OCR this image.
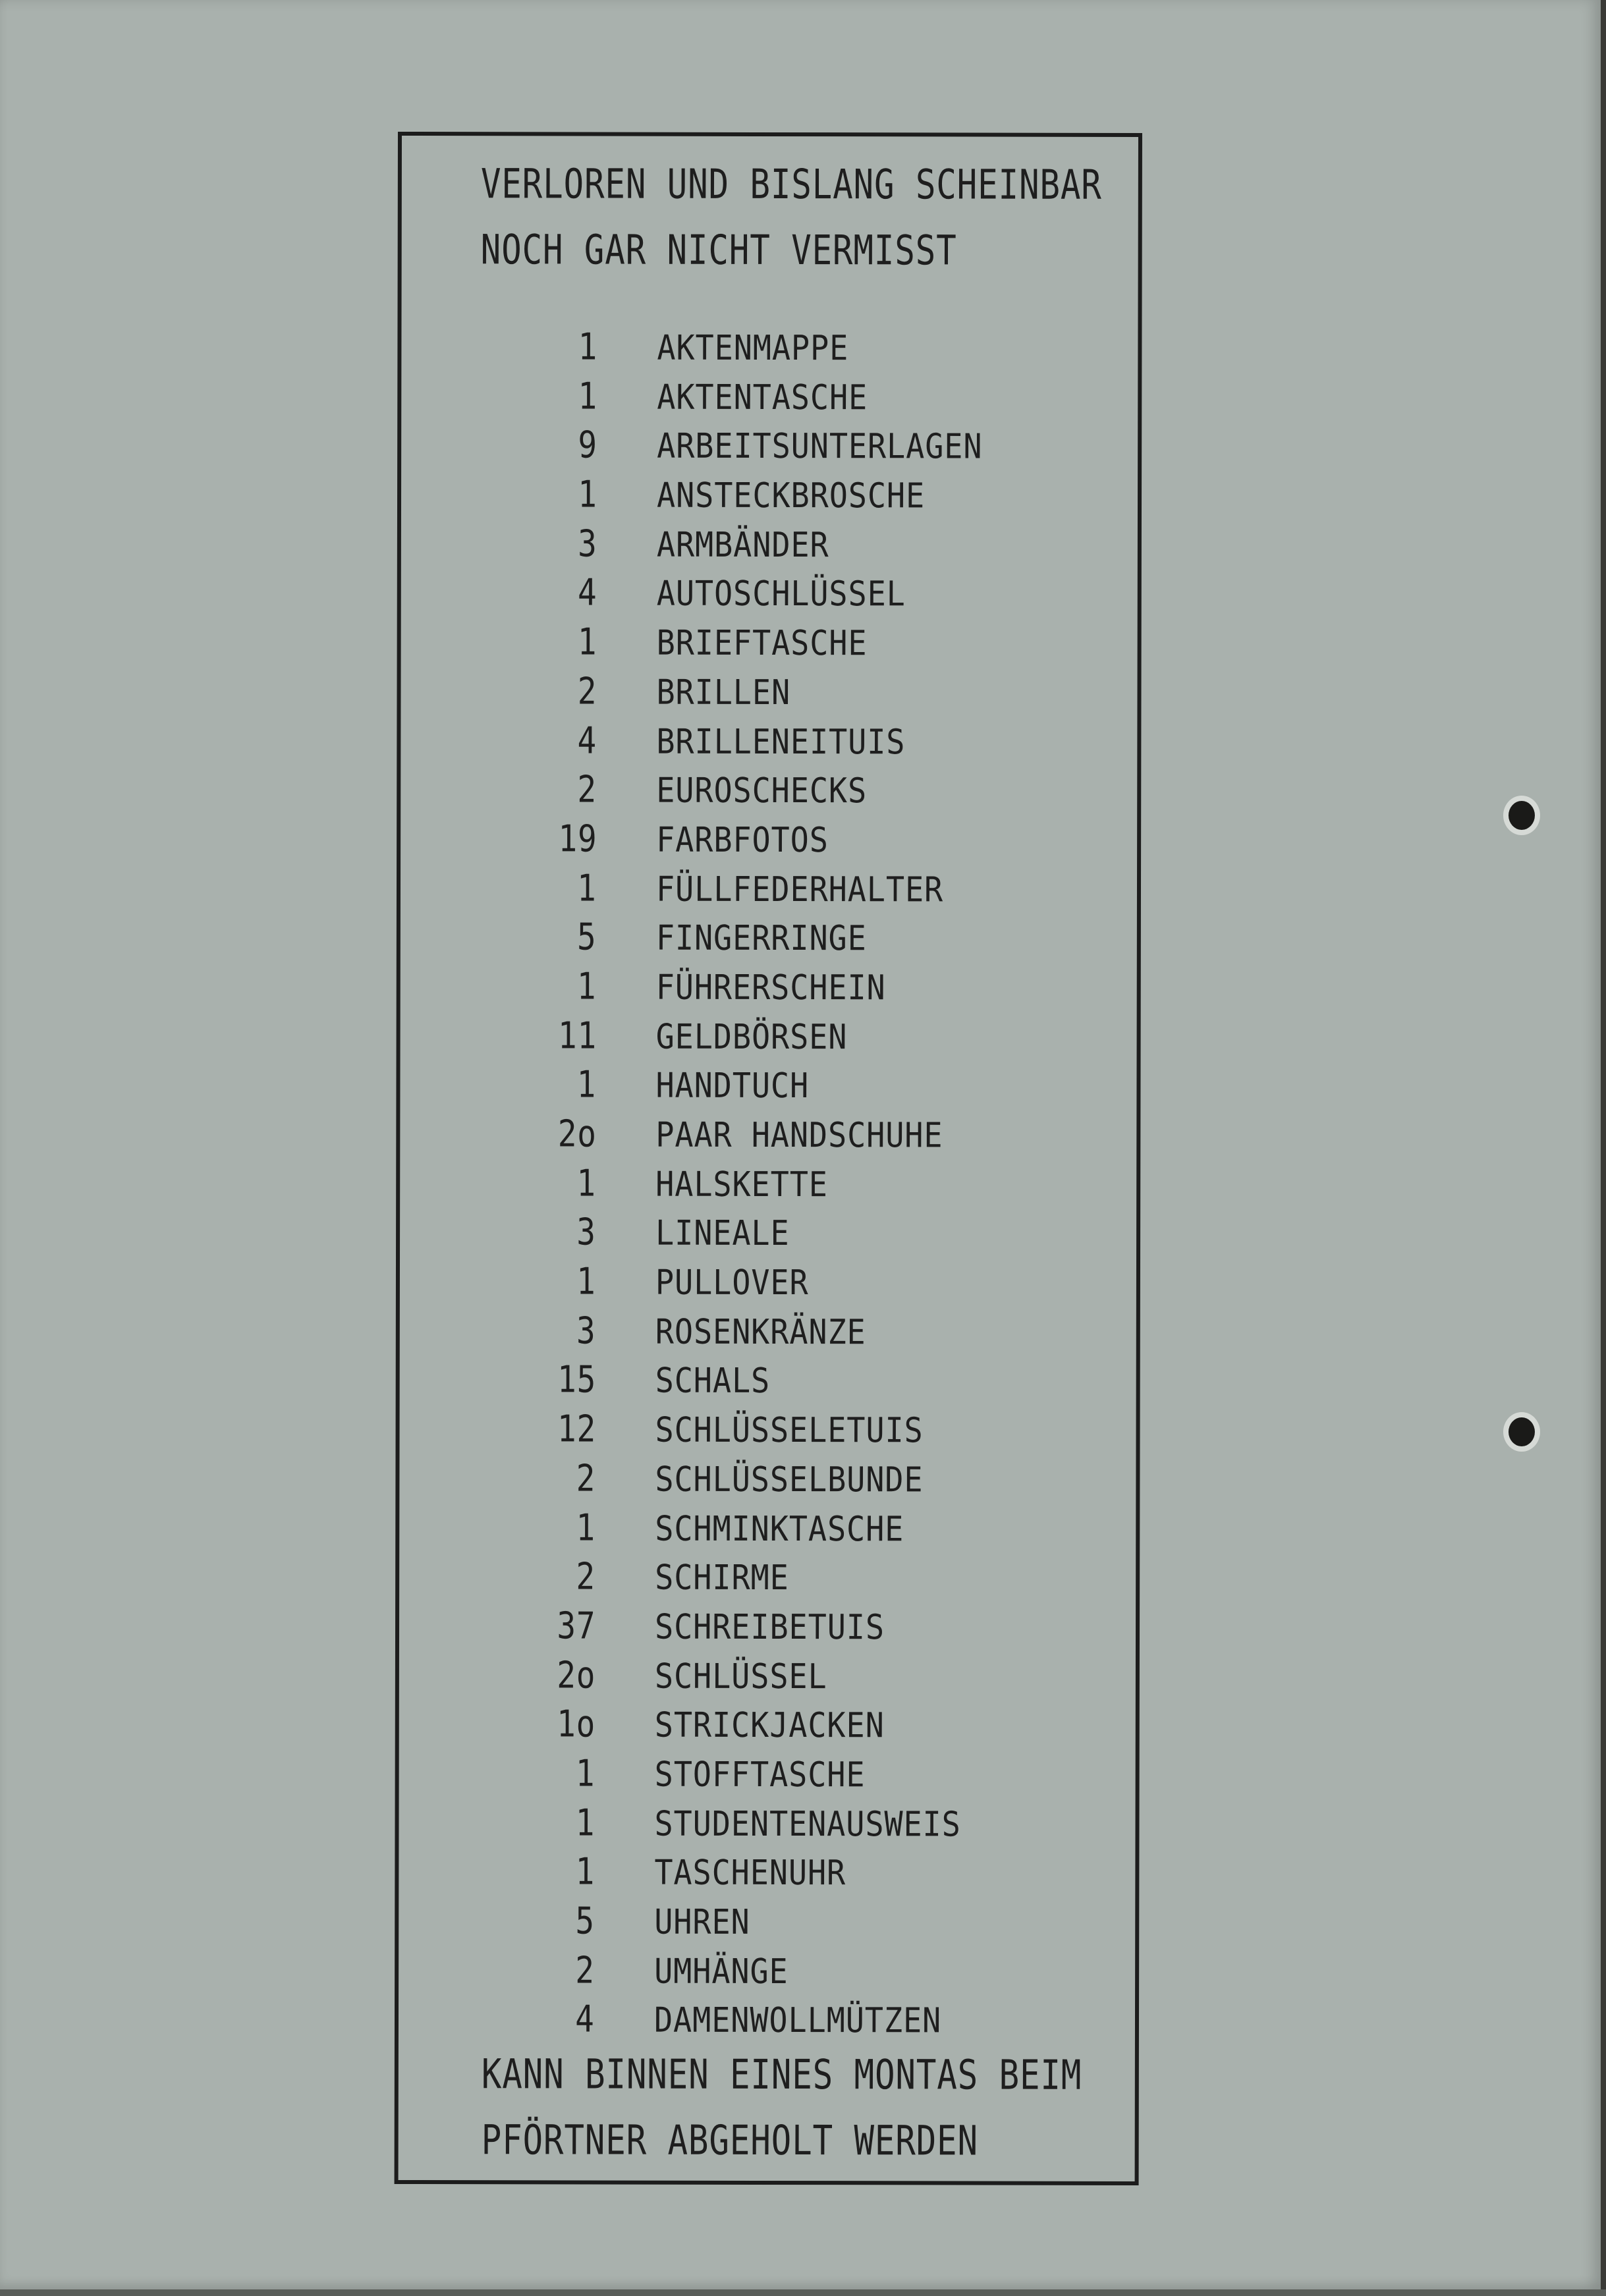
VERLOREN UND BISLANG SCHEINBAR
NOCH GAR NICHT VERMISST
1 AKTENMAPPE
1 AKTENTASCHE
9 ARBEITSUNTERLAGEN
1 ANSTECKBROSCHE
3 ARMBÄNDER
4 AUTOSCHLÜSSEL
1 BRIEFTASCHE
2 BRILLEN
4 BRILLENEITUIS
2 EUROSCHECKS
19 FARBFOTOS
1 FÜLLFEDERHALTER
5 FINGERRINGE
1 FÜHRERSCHEIN
11 GELDBÖRSEN
1 HANDTUCH
2o PAAR HANDSCHUHE
1 HALSKETTE
3 LINEALE
1 PULLOVER
3 ROSENKRÄNZE
15 SCHALS
12 SCHLÜSSELETUIS
2 SCHLÜSSELBUNDE
1 SCHMINKTASCHE
2 SCHIRME
37 SCHREIBETUIS
2o SCHLÜSSEL
1o STRICKJACKEN
1 STOFFTASCHE
1 STUDENTENAUSWEIS
1 TASCHENUHR
5 UHREN
2 UMHÄNGE
4 DAMENWOLLMÜTZEN
KANN BINNEN EINES MONTAS BEIM
PFÖRTNER ABGEHOLT WERDEN
